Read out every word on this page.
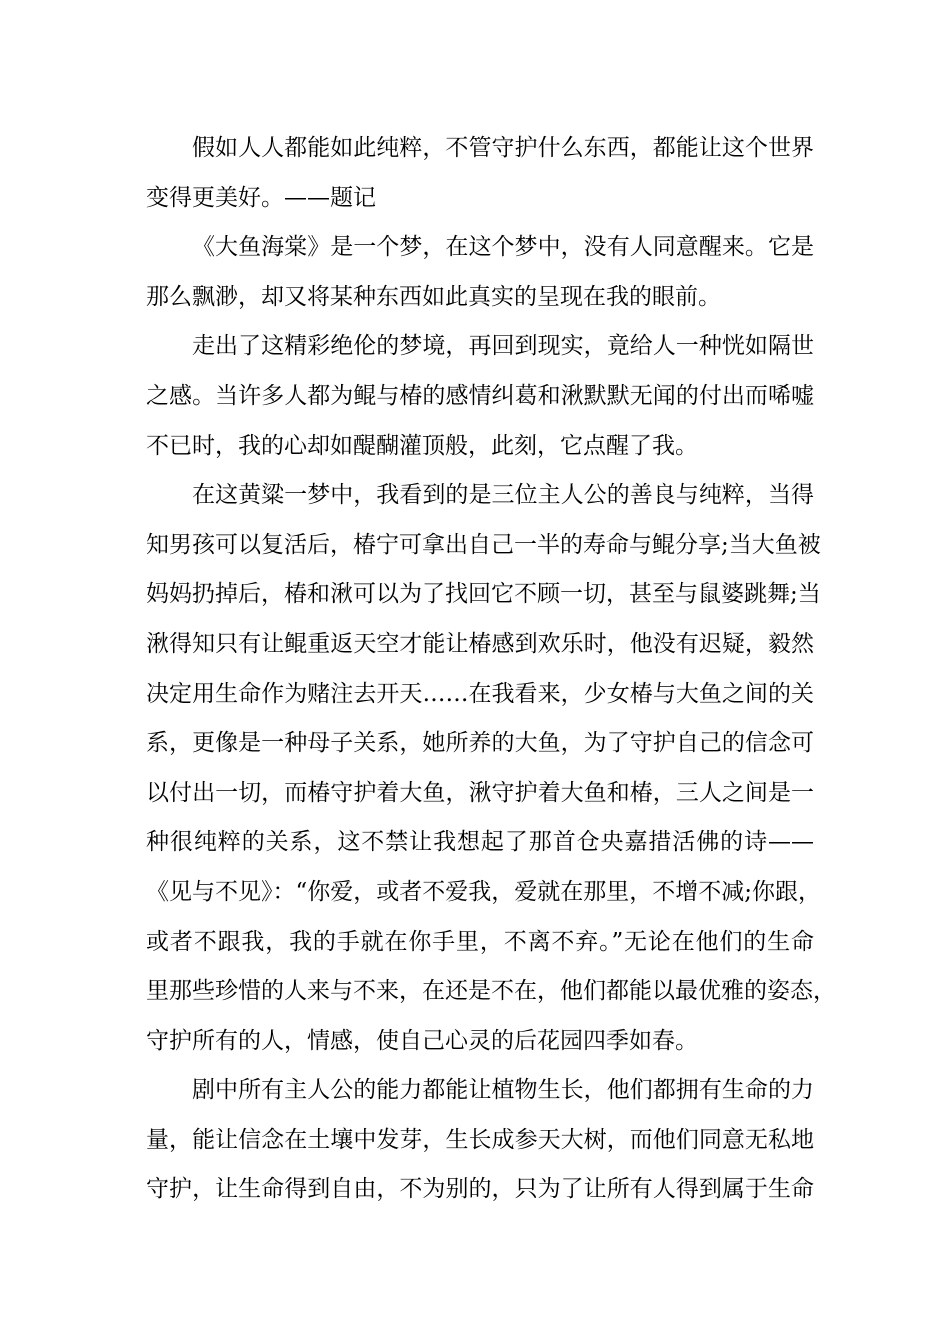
假如人人都能如此纯粹，不管守护什么东西，都能让这个世界
变得更美好。——题记
《大鱼海棠》是一个梦，在这个梦中，没有人同意醒来。它是
那么飘渺，却又将某种东西如此真实的呈现在我的眼前。
走出了这精彩绝伦的梦境，再回到现实，竟给人一种恍如隔世
之感。当许多人都为鲲与椿的感情纠葛和湫默默无闻的付出而唏嘘
不已时，我的心却如醍醐灌顶般，此刻，它点醒了我。
在这黄粱一梦中，我看到的是三位主人公的善良与纯粹，当得
知男孩可以复活后，椿宁可拿出自己一半的寿命与鲲分享;当大鱼被
妈妈扔掉后，椿和湫可以为了找回它不顾一切，甚至与鼠婆跳舞;当
湫得知只有让鲲重返天空才能让椿感到欢乐时，他没有迟疑，毅然
决定用生命作为赌注去开天……在我看来，少女椿与大鱼之间的关
系，更像是一种母子关系，她所养的大鱼，为了守护自己的信念可
以付出一切，而椿守护着大鱼，湫守护着大鱼和椿，三人之间是一
种很纯粹的关系，这不禁让我想起了那首仓央嘉措活佛的诗——
《见与不见》：“你爱，或者不爱我，爱就在那里，不增不减;你跟，
或者不跟我，我的手就在你手里，不离不弃。”无论在他们的生命
里那些珍惜的人来与不来，在还是不在，他们都能以最优雅的姿态，
守护所有的人，情感，使自己心灵的后花园四季如春。
剧中所有主人公的能力都能让植物生长，他们都拥有生命的力
量，能让信念在土壤中发芽，生长成参天大树，而他们同意无私地
守护，让生命得到自由，不为别的，只为了让所有人得到属于生命
